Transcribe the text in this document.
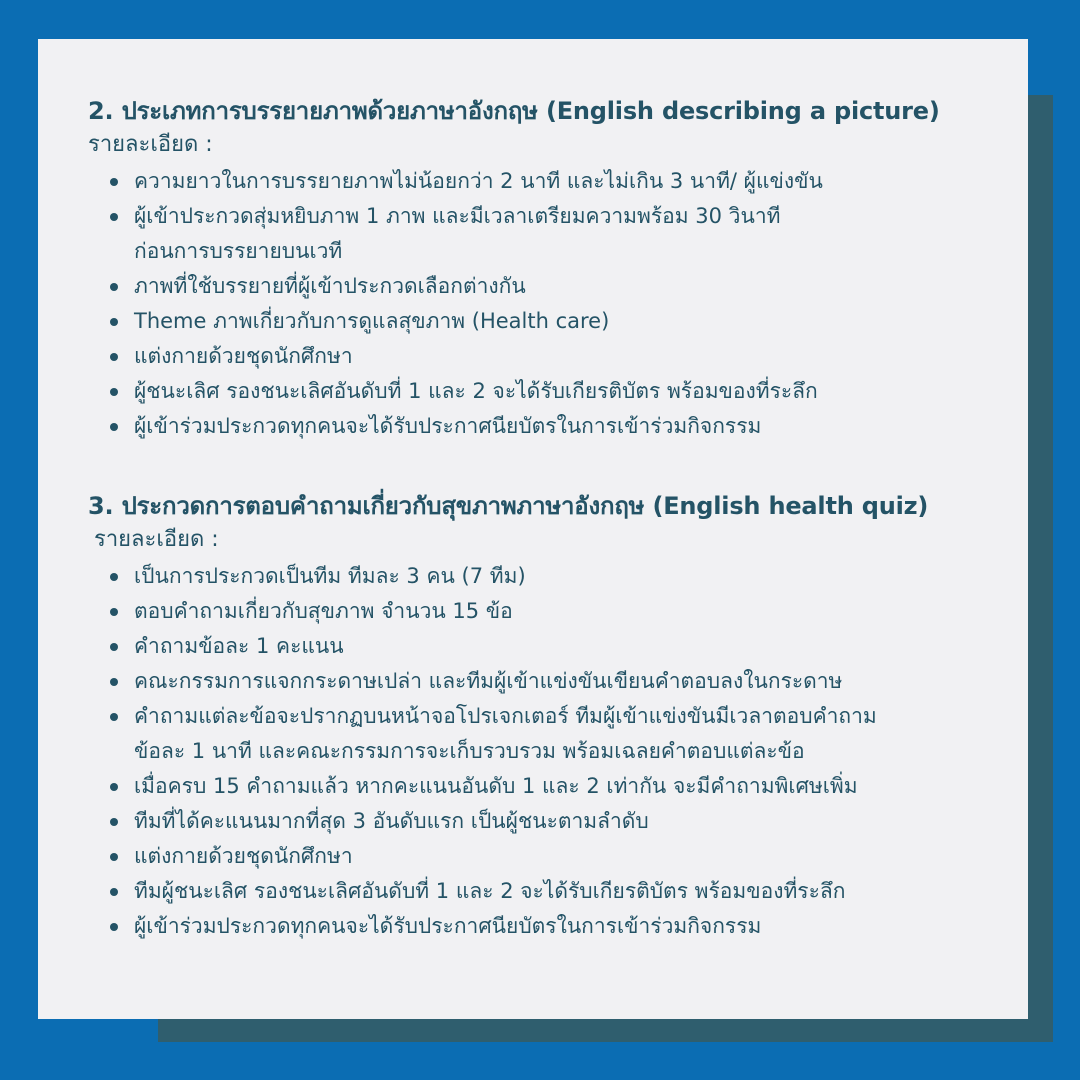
2. ประเภทการบรรยายภาพด้วยภาษาอังกฤษ (English describing a picture)
รายละเอียด :
ความยาวในการบรรยายภาพไม่น้อยกว่า 2 นาที และไม่เกิน 3 นาที/ ผู้แข่งขัน
ผู้เข้าประกวดสุ่มหยิบภาพ 1 ภาพ และมีเวลาเตรียมความพร้อม 30 วินาที
ก่อนการบรรยายบนเวที
ภาพที่ใช้บรรยายที่ผู้เข้าประกวดเลือกต่างกัน
Theme ภาพเกี่ยวกับการดูแลสุขภาพ (Health care)
แต่งกายด้วยชุดนักศึกษา
ผู้ชนะเลิศ รองชนะเลิศอันดับที่ 1 และ 2 จะได้รับเกียรติบัตร พร้อมของที่ระลึก
ผู้เข้าร่วมประกวดทุกคนจะได้รับประกาศนียบัตรในการเข้าร่วมกิจกรรม
3. ประกวดการตอบคำถามเกี่ยวกับสุขภาพภาษาอังกฤษ (English health quiz)
รายละเอียด :
เป็นการประกวดเป็นทีม ทีมละ 3 คน (7 ทีม)
ตอบคำถามเกี่ยวกับสุขภาพ จำนวน 15 ข้อ
คำถามข้อละ 1 คะแนน
คณะกรรมการแจกกระดาษเปล่า และทีมผู้เข้าแข่งขันเขียนคำตอบลงในกระดาษ
คำถามแต่ละข้อจะปรากฏบนหน้าจอโปรเจกเตอร์ ทีมผู้เข้าแข่งขันมีเวลาตอบคำถาม
ข้อละ 1 นาที และคณะกรรมการจะเก็บรวบรวม พร้อมเฉลยคำตอบแต่ละข้อ
เมื่อครบ 15 คำถามแล้ว หากคะแนนอันดับ 1 และ 2 เท่ากัน จะมีคำถามพิเศษเพิ่ม
ทีมที่ได้คะแนนมากที่สุด 3 อันดับแรก เป็นผู้ชนะตามลำดับ
แต่งกายด้วยชุดนักศึกษา
ทีมผู้ชนะเลิศ รองชนะเลิศอันดับที่ 1 และ 2 จะได้รับเกียรติบัตร พร้อมของที่ระลึก
ผู้เข้าร่วมประกวดทุกคนจะได้รับประกาศนียบัตรในการเข้าร่วมกิจกรรม
